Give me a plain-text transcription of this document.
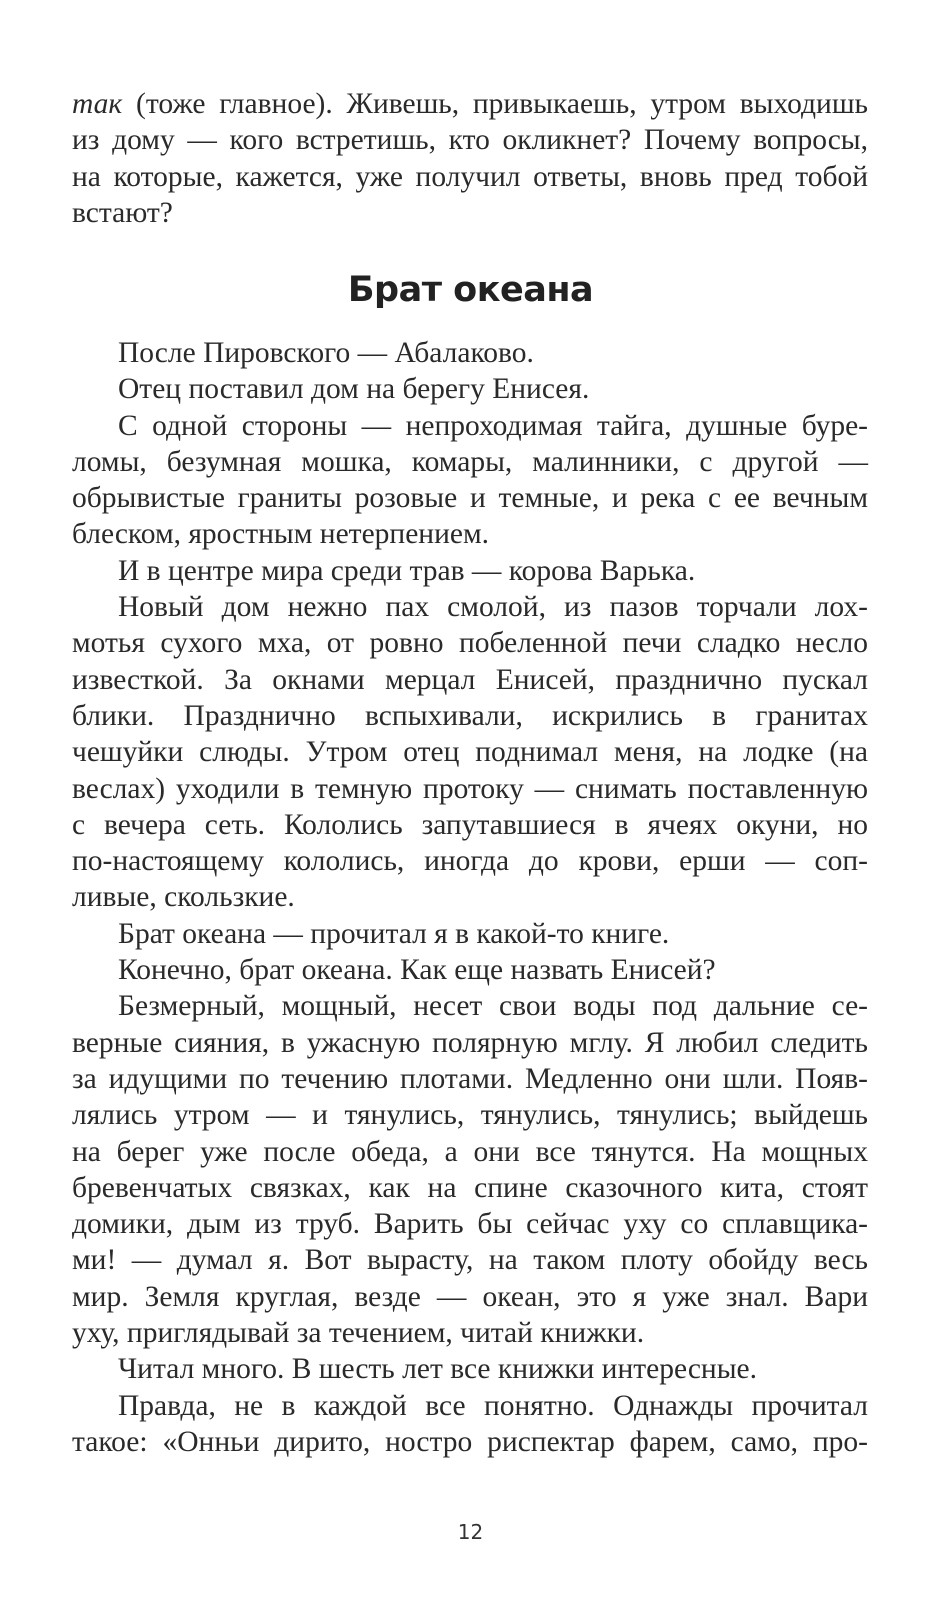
так (тоже главное). Живешь, привыкаешь, утром выходишь
из дому — кого встретишь, кто окликнет? Почему вопросы,
на которые, кажется, уже получил ответы, вновь пред тобой
встают?
Брат океана
После Пировского — Абалаково.
Отец поставил дом на берегу Енисея.
С одной стороны — непроходимая тайга, душные буре-
ломы, безумная мошка, комары, малинники, с другой —
обрывистые граниты розовые и темные, и река с ее вечным
блеском, яростным нетерпением.
И в центре мира среди трав — корова Варька.
Новый дом нежно пах смолой, из пазов торчали лох-
мотья сухого мха, от ровно побеленной печи сладко несло
известкой. За окнами мерцал Енисей, празднично пускал
блики. Празднично вспыхивали, искрились в гранитах
чешуйки слюды. Утром отец поднимал меня, на лодке (на
веслах) уходили в темную протоку — снимать поставленную
с вечера сеть. Кололись запутавшиеся в ячеях окуни, но
по-настоящему кололись, иногда до крови, ерши — соп-
ливые, скользкие.
Брат океана — прочитал я в какой-то книге.
Конечно, брат океана. Как еще назвать Енисей?
Безмерный, мощный, несет свои воды под дальние се-
верные сияния, в ужасную полярную мглу. Я любил следить
за идущими по течению плотами. Медленно они шли. Появ-
лялись утром — и тянулись, тянулись, тянулись; выйдешь
на берег уже после обеда, а они все тянутся. На мощных
бревенчатых связках, как на спине сказочного кита, стоят
домики, дым из труб. Варить бы сейчас уху со сплавщика-
ми! — думал я. Вот вырасту, на таком плоту обойду весь
мир. Земля круглая, везде — океан, это я уже знал. Вари
уху, приглядывай за течением, читай книжки.
Читал много. В шесть лет все книжки интересные.
Правда, не в каждой все понятно. Однажды прочитал
такое: «Онньи дирито, ностро риспектар фарем, само, про-
12
